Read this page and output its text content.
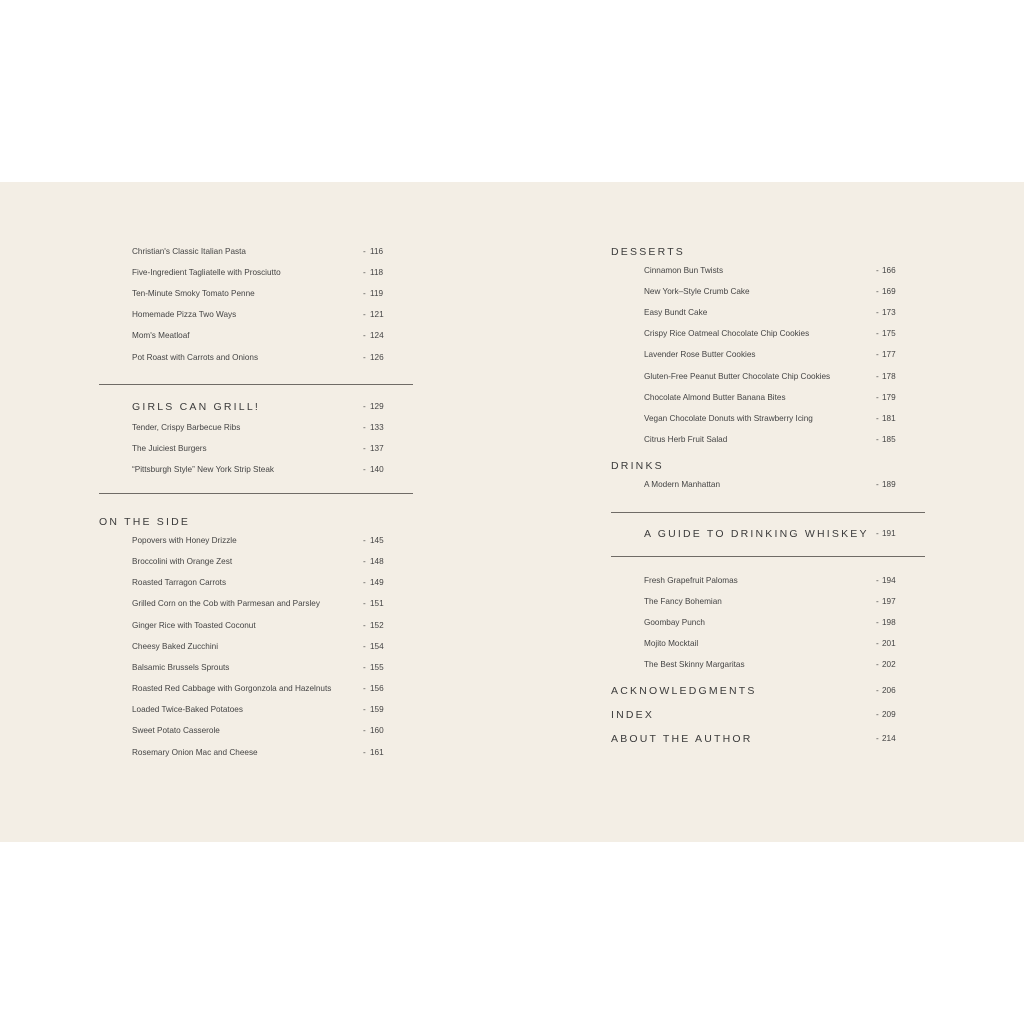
Christian's Classic Italian Pasta	- 116
Five-Ingredient Tagliatelle with Prosciutto	- 118
Ten-Minute Smoky Tomato Penne	- 119
Homemade Pizza Two Ways	- 121
Mom's Meatloaf	- 124
Pot Roast with Carrots and Onions	- 126
GIRLS CAN GRILL!	- 129
Tender, Crispy Barbecue Ribs	- 133
The Juiciest Burgers	- 137
“Pittsburgh Style” New York Strip Steak	- 140
ON THE SIDE
Popovers with Honey Drizzle	- 145
Broccolini with Orange Zest	- 148
Roasted Tarragon Carrots	- 149
Grilled Corn on the Cob with Parmesan and Parsley	- 151
Ginger Rice with Toasted Coconut	- 152
Cheesy Baked Zucchini	- 154
Balsamic Brussels Sprouts	- 155
Roasted Red Cabbage with Gorgonzola and Hazelnuts	- 156
Loaded Twice-Baked Potatoes	- 159
Sweet Potato Casserole	- 160
Rosemary Onion Mac and Cheese	- 161
DESSERTS
Cinnamon Bun Twists	- 166
New York–Style Crumb Cake	- 169
Easy Bundt Cake	- 173
Crispy Rice Oatmeal Chocolate Chip Cookies	- 175
Lavender Rose Butter Cookies	- 177
Gluten-Free Peanut Butter Chocolate Chip Cookies	- 178
Chocolate Almond Butter Banana Bites	- 179
Vegan Chocolate Donuts with Strawberry Icing	- 181
Citrus Herb Fruit Salad	- 185
DRINKS
A Modern Manhattan	- 189
A GUIDE TO DRINKING WHISKEY - 191
Fresh Grapefruit Palomas	- 194
The Fancy Bohemian	- 197
Goombay Punch	- 198
Mojito Mocktail	- 201
The Best Skinny Margaritas	- 202
ACKNOWLEDGMENTS	- 206
INDEX	- 209
ABOUT THE AUTHOR	- 214
